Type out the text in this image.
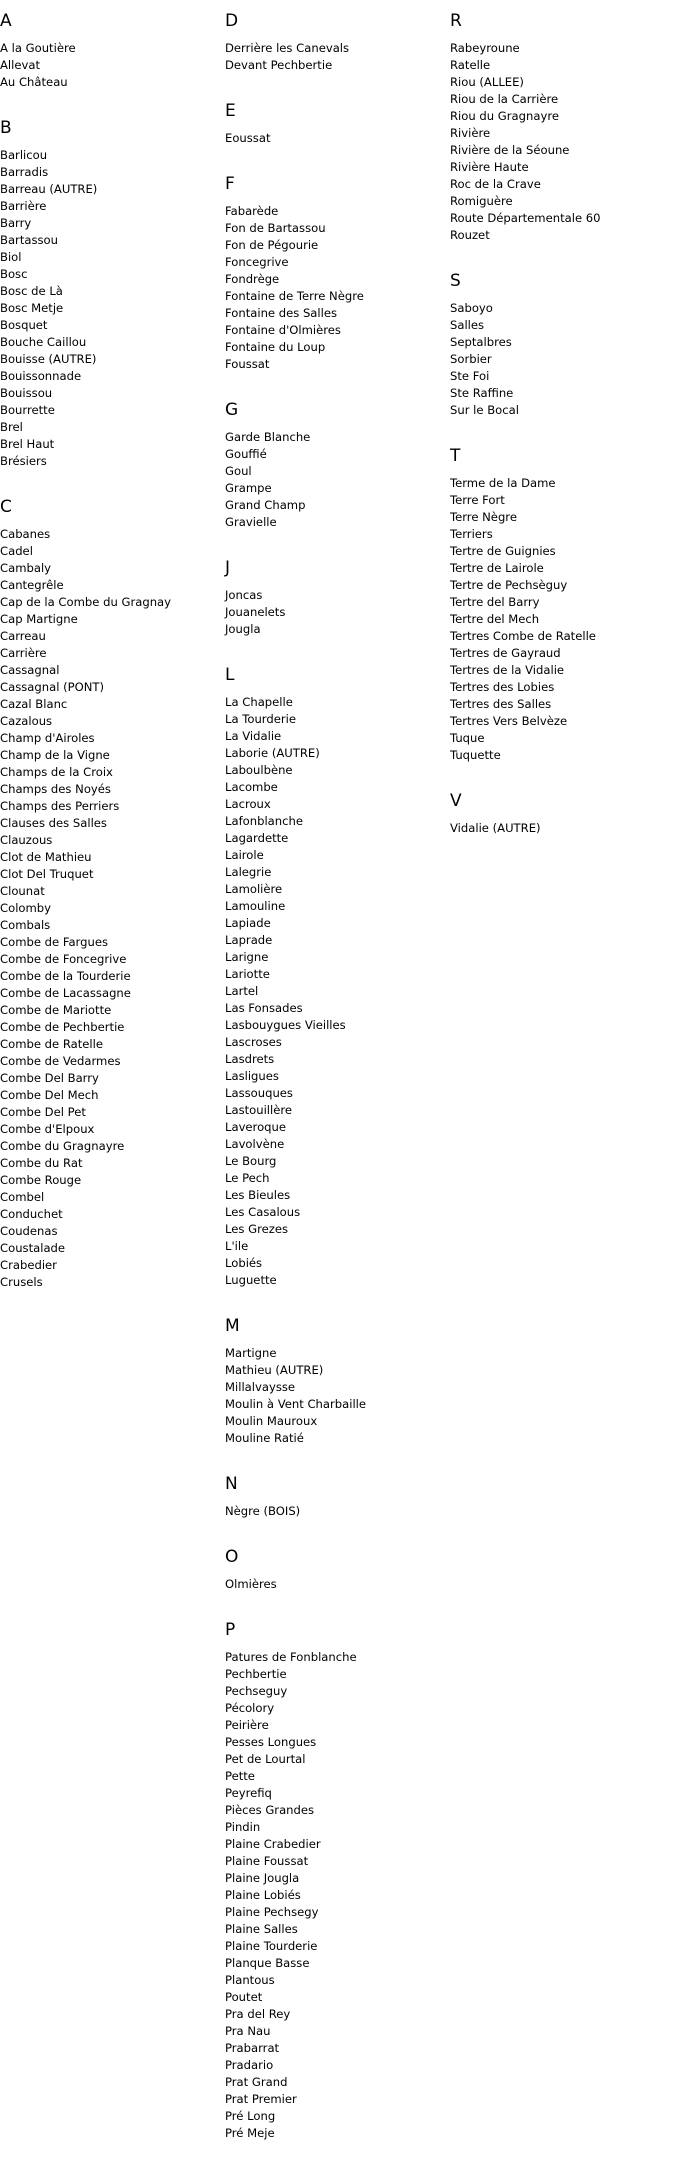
A
A la Goutière
Allevat
Au Château
B
Barlicou
Barradis
Barreau (AUTRE)
Barrière
Barry
Bartassou
Biol
Bosc
Bosc de Là
Bosc Metje
Bosquet
Bouche Caillou
Bouisse (AUTRE)
Bouissonnade
Bouissou
Bourrette
Brel
Brel Haut
Brésiers
C
Cabanes
Cadel
Cambaly
Cantegrêle
Cap de la Combe du Gragnay
Cap Martigne
Carreau
Carrière
Cassagnal
Cassagnal (PONT)
Cazal Blanc
Cazalous
Champ d'Airoles
Champ de la Vigne
Champs de la Croix
Champs des Noyés
Champs des Perriers
Clauses des Salles
Clauzous
Clot de Mathieu
Clot Del Truquet
Clounat
Colomby
Combals
Combe de Fargues
Combe de Foncegrive
Combe de la Tourderie
Combe de Lacassagne
Combe de Mariotte
Combe de Pechbertie
Combe de Ratelle
Combe de Vedarmes
Combe Del Barry
Combe Del Mech
Combe Del Pet
Combe d'Elpoux
Combe du Gragnayre
Combe du Rat
Combe Rouge
Combel
Conduchet
Coudenas
Coustalade
Crabedier
Crusels
D
Derrière les Canevals
Devant Pechbertie
E
Eoussat
F
Fabarède
Fon de Bartassou
Fon de Pégourie
Foncegrive
Fondrège
Fontaine de Terre Nègre
Fontaine des Salles
Fontaine d'Olmières
Fontaine du Loup
Foussat
G
Garde Blanche
Gouffié
Goul
Grampe
Grand Champ
Gravielle
J
Joncas
Jouanelets
Jougla
L
La Chapelle
La Tourderie
La Vidalie
Laborie (AUTRE)
Laboulbène
Lacombe
Lacroux
Lafonblanche
Lagardette
Lairole
Lalegrie
Lamolière
Lamouline
Lapiade
Laprade
Larigne
Lariotte
Lartel
Las Fonsades
Lasbouygues Vieilles
Lascroses
Lasdrets
Lasligues
Lassouques
Lastouillère
Laveroque
Lavolvène
Le Bourg
Le Pech
Les Bieules
Les Casalous
Les Grezes
L'ile
Lobiés
Luguette
M
Martigne
Mathieu (AUTRE)
Millalvaysse
Moulin à Vent Charbaille
Moulin Mauroux
Mouline Ratié
N
Nègre (BOIS)
O
Olmières
P
Patures de Fonblanche
Pechbertie
Pechseguy
Pécolory
Peirière
Pesses Longues
Pet de Lourtal
Pette
Peyrefiq
Pièces Grandes
Pindin
Plaine Crabedier
Plaine Foussat
Plaine Jougla
Plaine Lobiés
Plaine Pechsegy
Plaine Salles
Plaine Tourderie
Planque Basse
Plantous
Poutet
Pra del Rey
Pra Nau
Prabarrat
Pradario
Prat Grand
Prat Premier
Pré Long
Pré Meje
R
Rabeyroune
Ratelle
Riou (ALLEE)
Riou de la Carrière
Riou du Gragnayre
Rivière
Rivière de la Séoune
Rivière Haute
Roc de la Crave
Romiguère
Route Départementale 60
Rouzet
S
Saboyo
Salles
Septalbres
Sorbier
Ste Foi
Ste Raffine
Sur le Bocal
T
Terme de la Dame
Terre Fort
Terre Nègre
Terriers
Tertre de Guignies
Tertre de Lairole
Tertre de Pechsèguy
Tertre del Barry
Tertre del Mech
Tertres Combe de Ratelle
Tertres de Gayraud
Tertres de la Vidalie
Tertres des Lobies
Tertres des Salles
Tertres Vers Belvèze
Tuque
Tuquette
V
Vidalie (AUTRE)
